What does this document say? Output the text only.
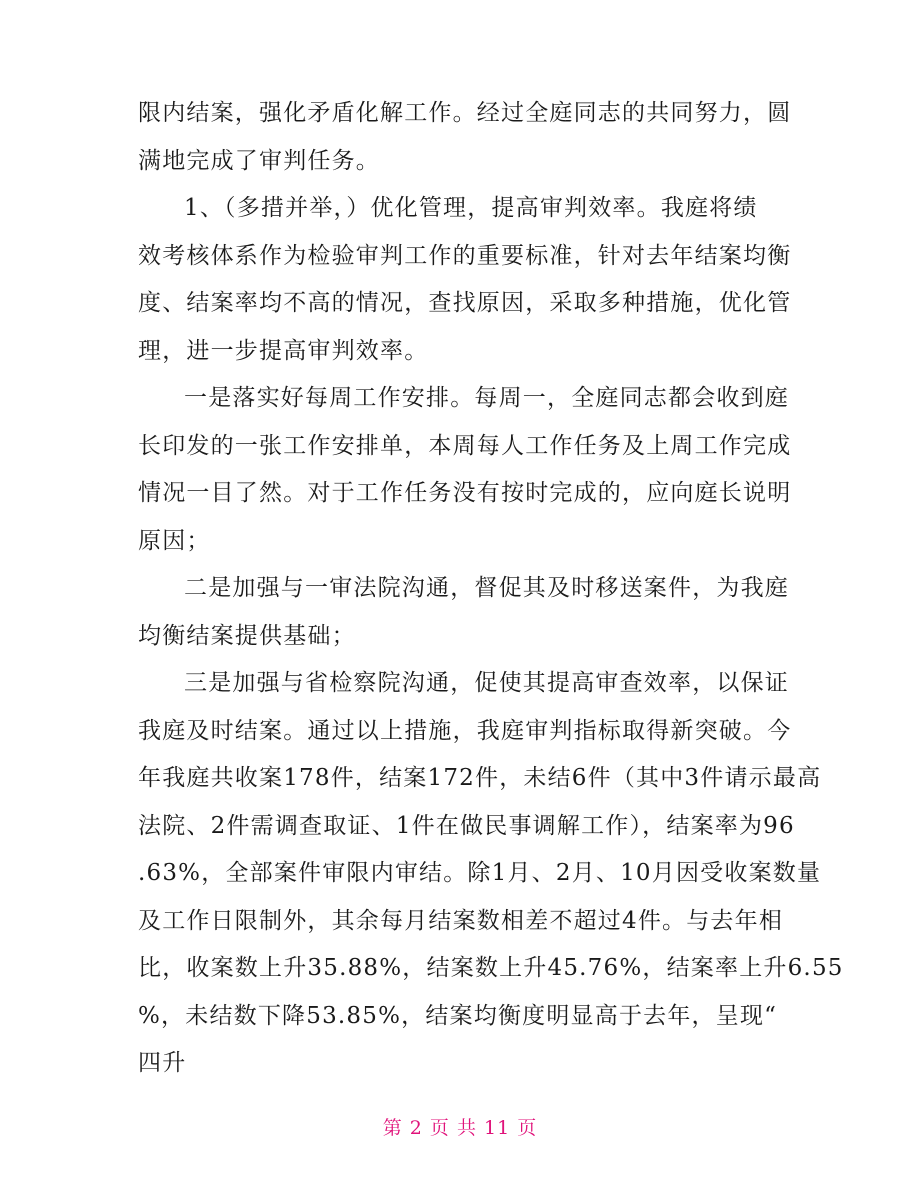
限内结案，强化矛盾化解工作。经过全庭同志的共同努力，圆
满地完成了审判任务。
1、（多措并举，）优化管理，提高审判效率。我庭将绩
效考核体系作为检验审判工作的重要标准，针对去年结案均衡
度、结案率均不高的情况，查找原因，采取多种措施，优化管
理，进一步提高审判效率。
一是落实好每周工作安排。每周一，全庭同志都会收到庭
长印发的一张工作安排单，本周每人工作任务及上周工作完成
情况一目了然。对于工作任务没有按时完成的，应向庭长说明
原因；
二是加强与一审法院沟通，督促其及时移送案件，为我庭
均衡结案提供基础；
三是加强与省检察院沟通，促使其提高审查效率，以保证
我庭及时结案。通过以上措施，我庭审判指标取得新突破。今
年我庭共收案178件，结案172件，未结6件（其中3件请示最高
法院、2件需调查取证、1件在做民事调解工作），结案率为96
.63%，全部案件审限内审结。除1月、2月、10月因受收案数量
及工作日限制外，其余每月结案数相差不超过4件。与去年相
比，收案数上升35.88%，结案数上升45.76%，结案率上升6.55
%，未结数下降53.85%，结案均衡度明显高于去年，呈现“
四升
第 2 页 共 11 页
